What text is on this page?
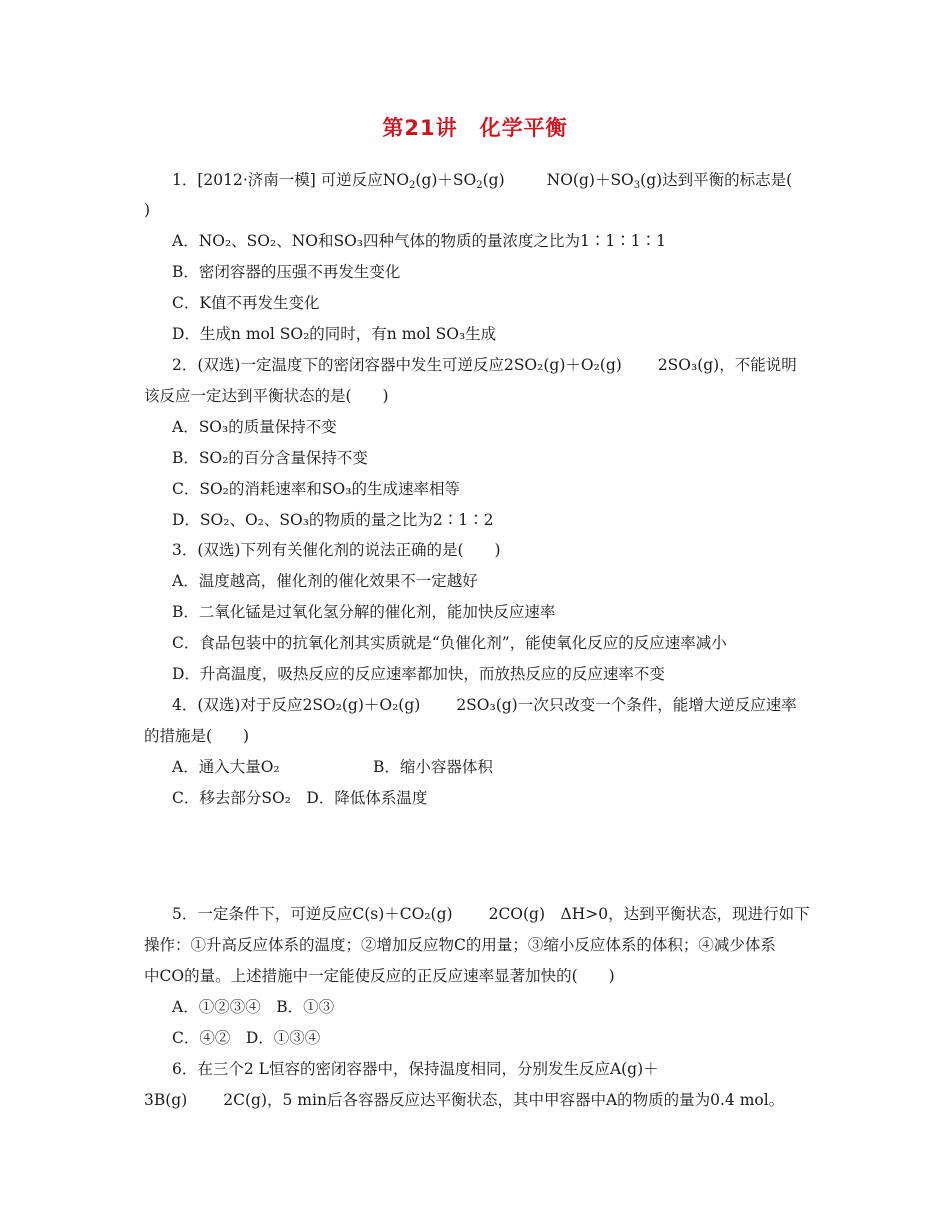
第21讲　化学平衡
1．[2012·济南一模] 可逆反应$NO_2(g)+SO_2(g)$	$NO(g)+SO_3(g)$达到平衡的标志是(
)
A．NO₂、SO₂、NO和SO₃四种气体的物质的量浓度之比为1∶1∶1∶1
B．密闭容器的压强不再发生变化
C．K值不再发生变化
D．生成n mol SO₂的同时，有n mol SO₃生成
2．(双选)一定温度下的密闭容器中发生可逆反应2SO₂(g)＋O₂(g) 2SO₃(g)，不能说明
该反应一定达到平衡状态的是(　　)
A．SO₃的质量保持不变
B．SO₂的百分含量保持不变
C．SO₂的消耗速率和SO₃的生成速率相等
D．SO₂、O₂、SO₃的物质的量之比为2∶1∶2
3．(双选)下列有关催化剂的说法正确的是(　　)
A．温度越高，催化剂的催化效果不一定越好
B．二氧化锰是过氧化氢分解的催化剂，能加快反应速率
C．食品包装中的抗氧化剂其实质就是“负催化剂”，能使氧化反应的反应速率减小
D．升高温度，吸热反应的反应速率都加快，而放热反应的反应速率不变
4．(双选)对于反应2SO₂(g)＋O₂(g) 2SO₃(g)一次只改变一个条件，能增大逆反应速率
的措施是(　　)
A．通入大量O₂	B．缩小容器体积
C．移去部分SO₂　D．降低体系温度
5．一定条件下，可逆反应C(s)＋CO₂(g) 2CO(g)　ΔH>0，达到平衡状态，现进行如下
操作：①升高反应体系的温度；②增加反应物C的用量；③缩小反应体系的体积；④减少体系
中CO的量。上述措施中一定能使反应的正反应速率显著加快的(　　)
A．①②③④　B．①③
C．④②　D．①③④
6．在三个2 L恒容的密闭容器中，保持温度相同，分别发生反应A(g)＋
3B(g) 2C(g)，5 min后各容器反应达平衡状态，其中甲容器中A的物质的量为0.4 mol。
